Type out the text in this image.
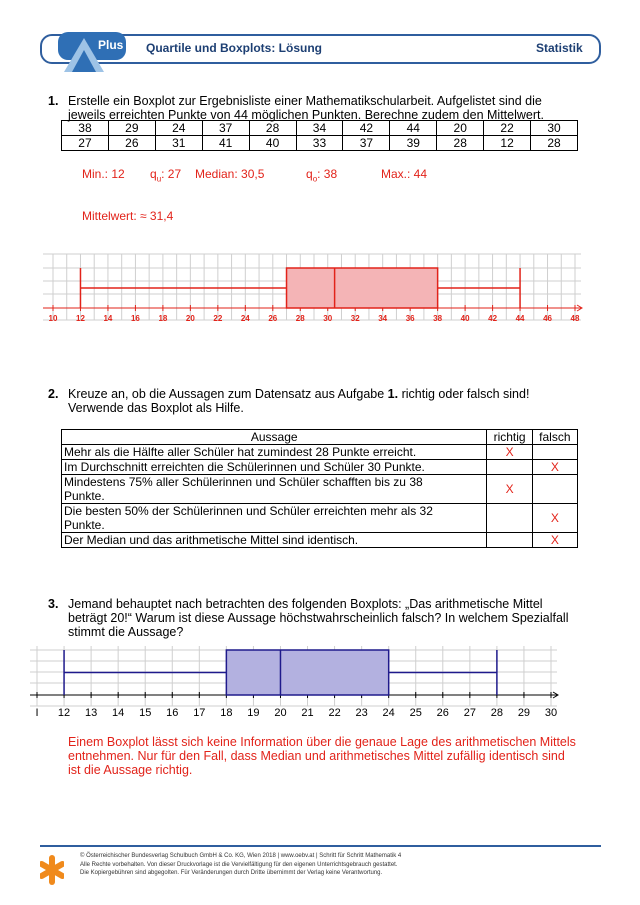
Plus Quartile und Boxplots: Lösung	Statistik
1. Erstelle ein Boxplot zur Ergebnisliste einer Mathematikschularbeit. Aufgelistet sind die
jeweils erreichten Punkte von 44 möglichen Punkten. Berechne zudem den Mittelwert.
38	29	24	37	28	34	42	44	20	22	30
27	26	31	41	40	33	37	39	28	12	28
Min.: 12 $q_u$: 27 Median: 30,5	$q_o$: 38	Max.: 44
Mittelwert: ≈ 31,4
10 12 14 16 18 20 22 24 26 28 30 32 34 36 38 40 42 44 46 48
2. Kreuze an, ob die Aussagen zum Datensatz aus Aufgabe 1. richtig oder falsch sind!
Verwende das Boxplot als Hilfe.
Aussage	richtig	falsch
Mehr als die Hälfte aller Schüler hat zumindest 28 Punkte erreicht.	X	
Im Durchschnitt erreichten die Schülerinnen und Schüler 30 Punkte.		X
Mindestens 75% aller Schülerinnen und Schüler schafften bis zu 38
Punkte.	X	
Die besten 50% der Schülerinnen und Schüler erreichten mehr als 32
Punkte.		X
Der Median und das arithmetische Mittel sind identisch.		X
3. Jemand behauptet nach betrachten des folgenden Boxplots: „Das arithmetische Mittel
beträgt 20!“ Warum ist diese Aussage höchstwahrscheinlich falsch? In welchem Spezialfall
stimmt die Aussage?
I 12 13 14 15 16 17 18 19 20 21 22 23 24 25 26 27 28 29 30
Einem Boxplot lässt sich keine Information über die genaue Lage des arithmetischen Mittels
entnehmen. Nur für den Fall, dass Median und arithmetisches Mittel zufällig identisch sind
ist die Aussage richtig.
© Österreichischer Bundesverlag Schulbuch GmbH & Co. KG, Wien 2018 | www.oebv.at | Schritt für Schritt Mathematik 4
Alle Rechte vorbehalten. Von dieser Druckvorlage ist die Vervielfältigung für den eigenen Unterrichtsgebrauch gestattet.
Die Kopiergebühren sind abgegolten. Für Veränderungen durch Dritte übernimmt der Verlag keine Verantwortung.
